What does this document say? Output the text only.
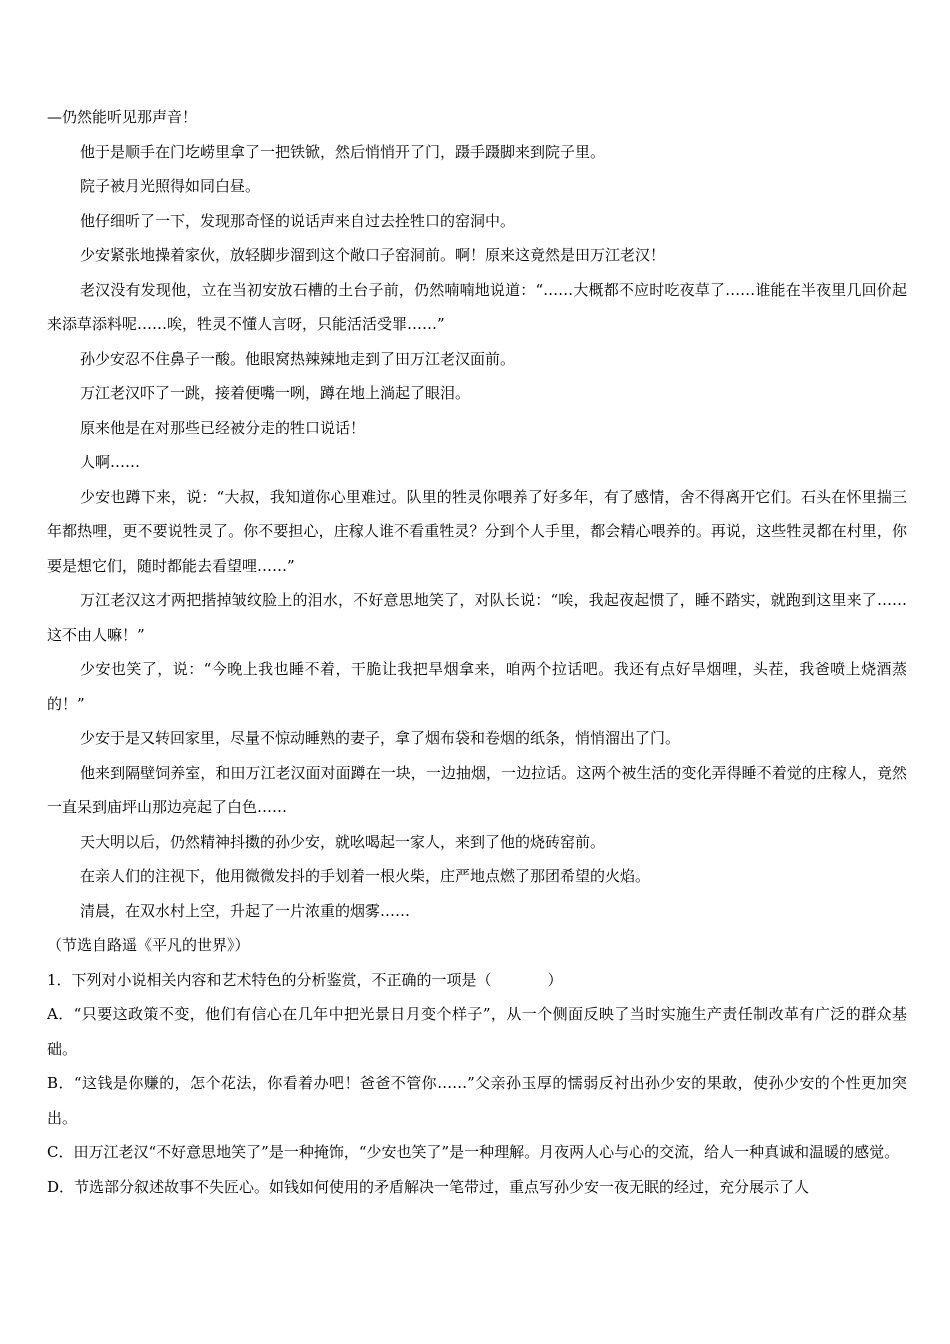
—仍然能听见那声音！

他于是顺手在门圪崂里拿了一把铁锨，然后悄悄开了门，蹑手蹑脚来到院子里。

院子被月光照得如同白昼。

他仔细听了一下，发现那奇怪的说话声来自过去拴牲口的窑洞中。

少安紧张地操着家伙，放轻脚步溜到这个敞口子窑洞前。啊！原来这竟然是田万江老汉！

老汉没有发现他，立在当初安放石槽的土台子前，仍然喃喃地说道：“……大概都不应时吃夜草了……谁能在半夜里几回价起来添草添料呢……唉，牲灵不懂人言呀，只能活活受罪……”

孙少安忍不住鼻子一酸。他眼窝热辣辣地走到了田万江老汉面前。

万江老汉吓了一跳，接着便嘴一咧，蹲在地上淌起了眼泪。

原来他是在对那些已经被分走的牲口说话！

人啊……

少安也蹲下来，说：“大叔，我知道你心里难过。队里的牲灵你喂养了好多年，有了感情，舍不得离开它们。石头在怀里揣三年都热哩，更不要说牲灵了。你不要担心，庄稼人谁不看重牲灵？分到个人手里，都会精心喂养的。再说，这些牲灵都在村里，你要是想它们，随时都能去看望哩……”

万江老汉这才两把揩掉皱纹脸上的泪水，不好意思地笑了，对队长说：“唉，我起夜起惯了，睡不踏实，就跑到这里来了……这不由人嘛！”

少安也笑了，说：“今晚上我也睡不着，干脆让我把旱烟拿来，咱两个拉话吧。我还有点好旱烟哩，头茬，我爸喷上烧酒蒸的！”

少安于是又转回家里，尽量不惊动睡熟的妻子，拿了烟布袋和卷烟的纸条，悄悄溜出了门。

他来到隔壁饲养室，和田万江老汉面对面蹲在一块，一边抽烟，一边拉话。这两个被生活的变化弄得睡不着觉的庄稼人，竟然一直呆到庙坪山那边亮起了白色……

天大明以后，仍然精神抖擞的孙少安，就吆喝起一家人，来到了他的烧砖窑前。

在亲人们的注视下，他用微微发抖的手划着一根火柴，庄严地点燃了那团希望的火焰。

清晨，在双水村上空，升起了一片浓重的烟雾……

（节选自路遥《平凡的世界》）

1．下列对小说相关内容和艺术特色的分析鉴赏，不正确的一项是（	）

A．“只要这政策不变，他们有信心在几年中把光景日月变个样子”，从一个侧面反映了当时实施生产责任制改革有广泛的群众基础。

B．“这钱是你赚的，怎个花法，你看着办吧！爸爸不管你……”父亲孙玉厚的懦弱反衬出孙少安的果敢，使孙少安的个性更加突出。

C．田万江老汉“不好意思地笑了”是一种掩饰，“少安也笑了”是一种理解。月夜两人心与心的交流，给人一种真诚和温暖的感觉。

D．节选部分叙述故事不失匠心。如钱如何使用的矛盾解决一笔带过，重点写孙少安一夜无眠的经过，充分展示了人
